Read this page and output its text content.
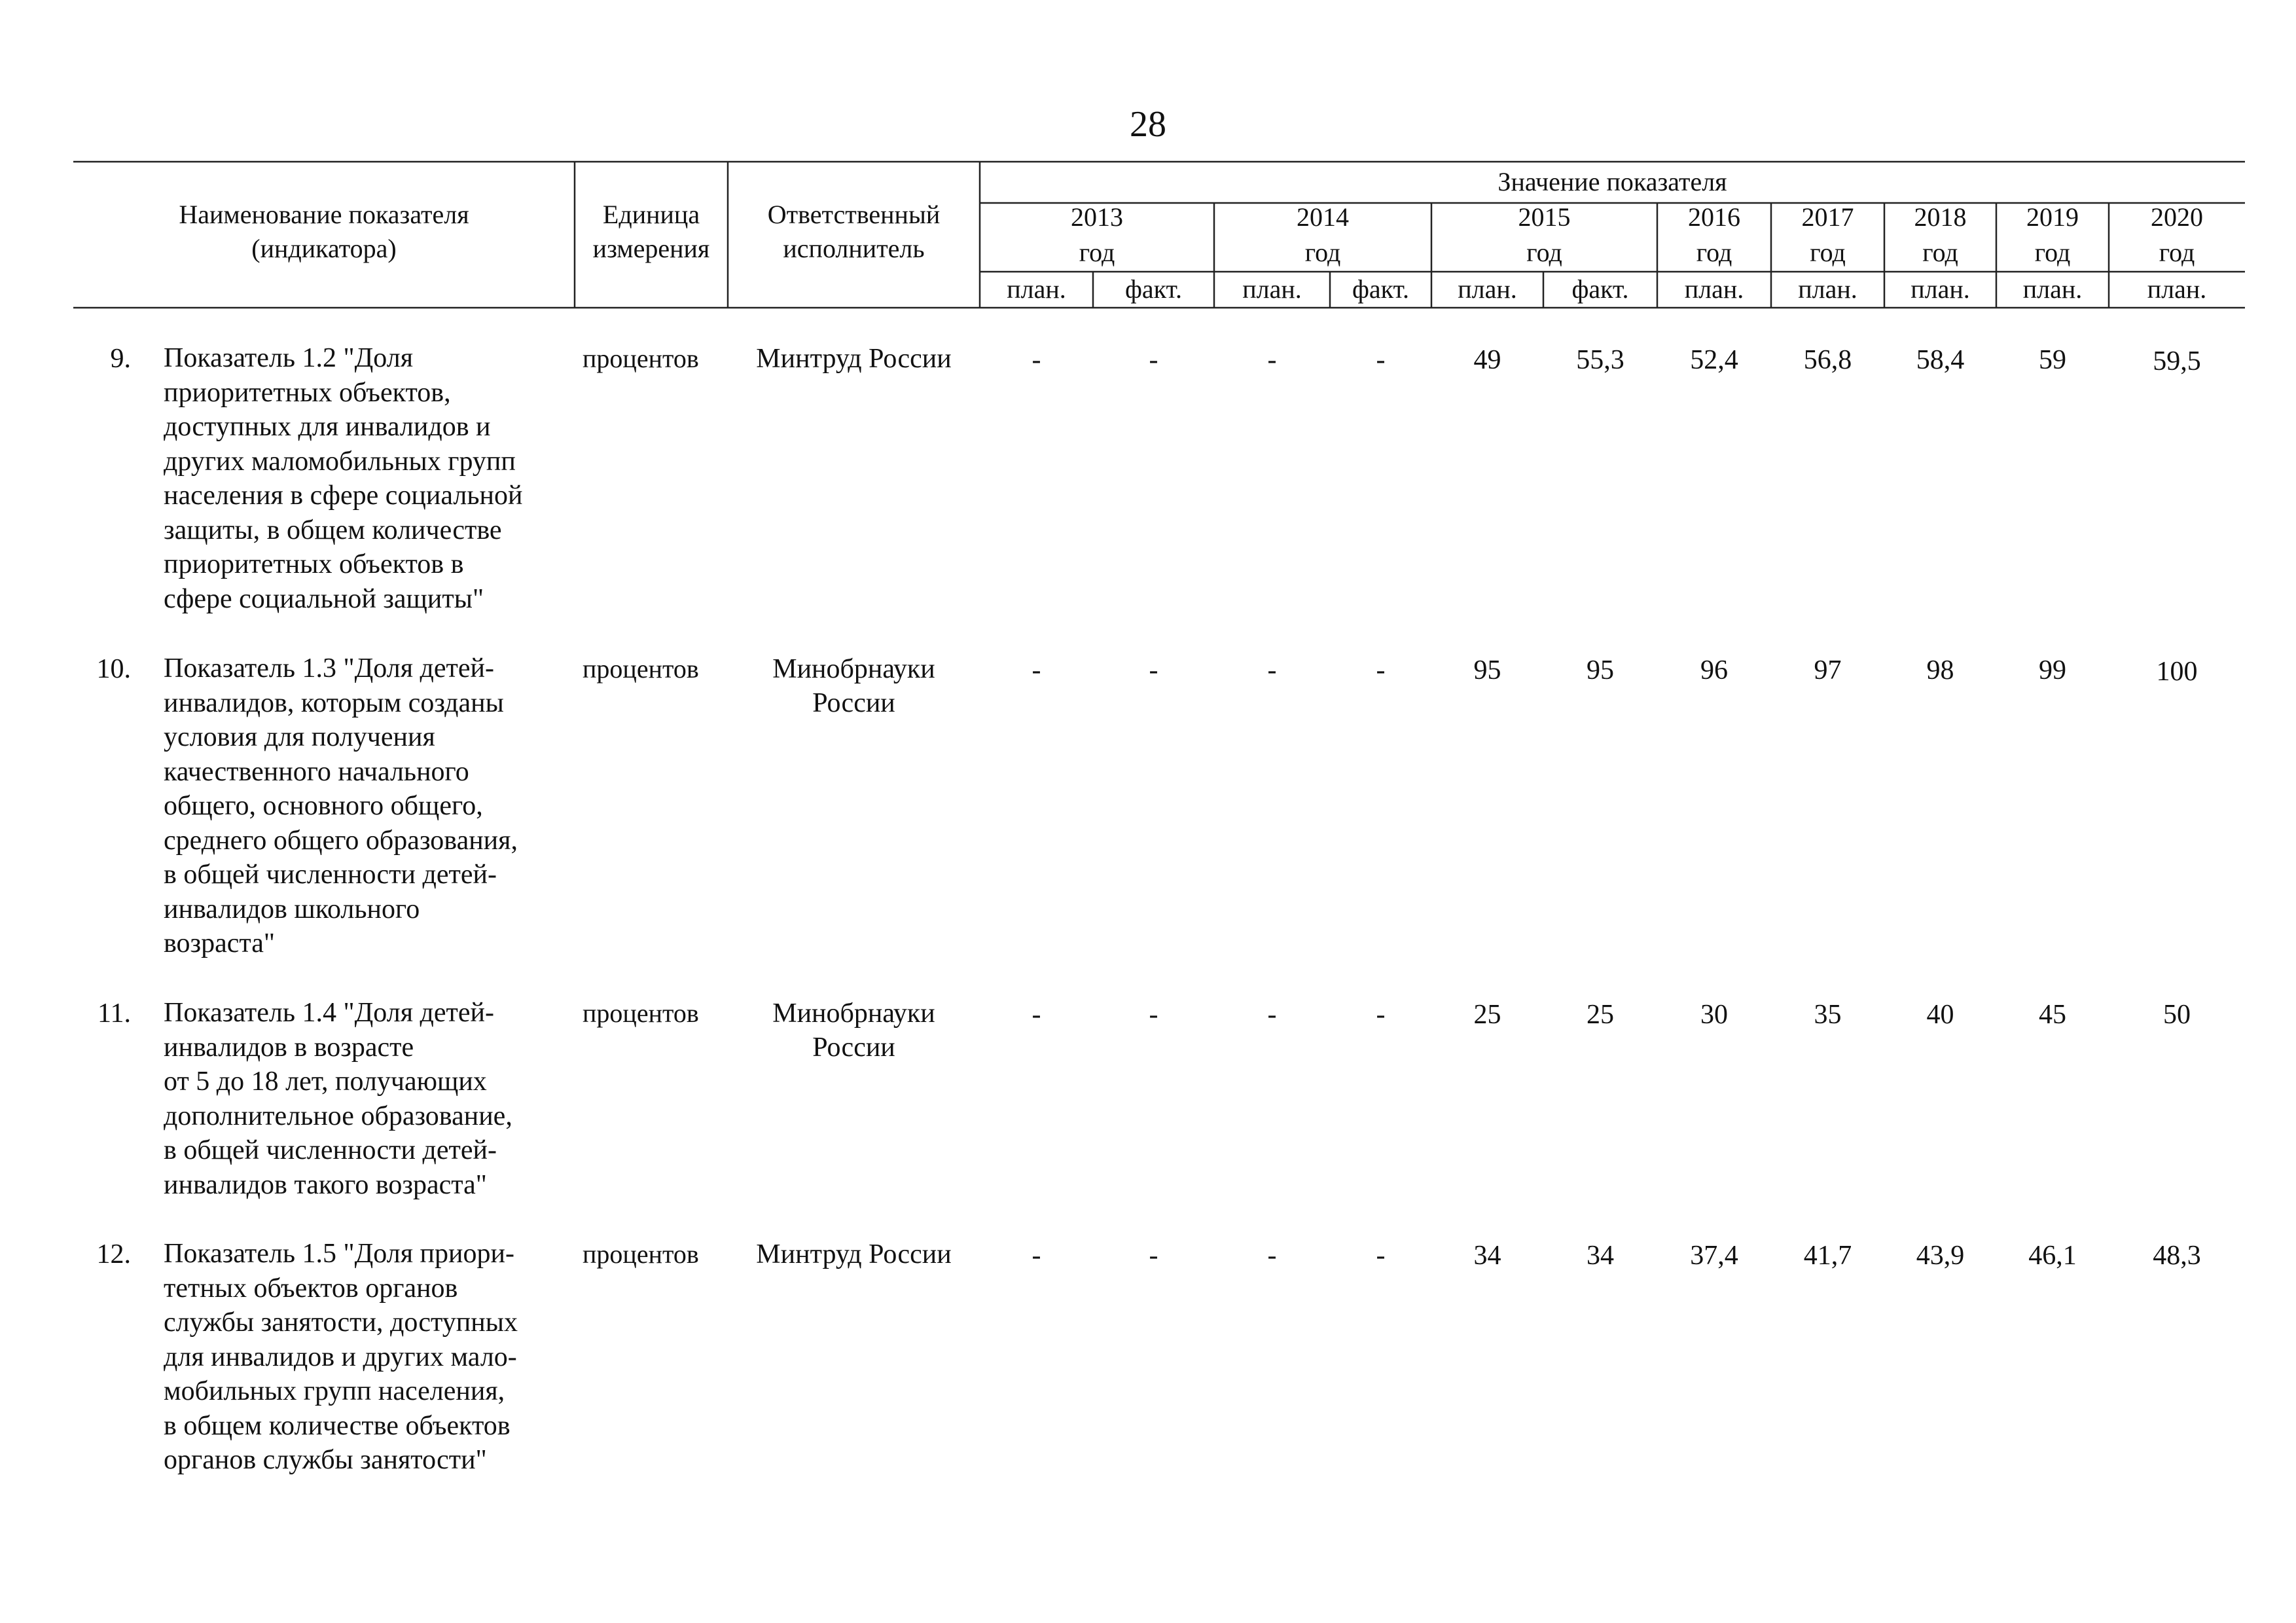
28
Наименование показателя
(индикатора)
Единица
измерения
Ответственный
исполнитель
Значение показателя
2013	2014	2015	2016	2017	2018	2019	2020
год	год	год	год	год	год	год	год
план.	факт.	план.	факт.	план.	факт.	план.	план.	план.	план.	план.
9. Показатель 1.2 "Доля
приоритетных объектов,
доступных для инвалидов и
других маломобильных групп
населения в сфере социальной
защиты, в общем количестве
приоритетных объектов в
сфере социальной защиты"
процентов	Минтруд России	-	-	-	-	49	55,3	52,4	56,8	58,4	59	59,5
10. Показатель 1.3 "Доля детей-
инвалидов, которым созданы
условия для получения
качественного начального
общего, основного общего,
среднего общего образования,
в общей численности детей-
инвалидов школьного
возраста"
процентов	Минобрнауки
России
-	-	-	-	95	95	96	97	98	99	100
11. Показатель 1.4 "Доля детей-
инвалидов в возрасте
от 5 до 18 лет, получающих
дополнительное образование,
в общей численности детей-
инвалидов такого возраста"
процентов	Минобрнауки
России
-	-	-	-	25	25	30	35	40	45	50
12. Показатель 1.5 "Доля приори-
тетных объектов органов
службы занятости, доступных
для инвалидов и других мало-
мобильных групп населения,
в общем количестве объектов
органов службы занятости"
процентов	Минтруд России	-	-	-	-	34	34	37,4	41,7	43,9	46,1	48,3
